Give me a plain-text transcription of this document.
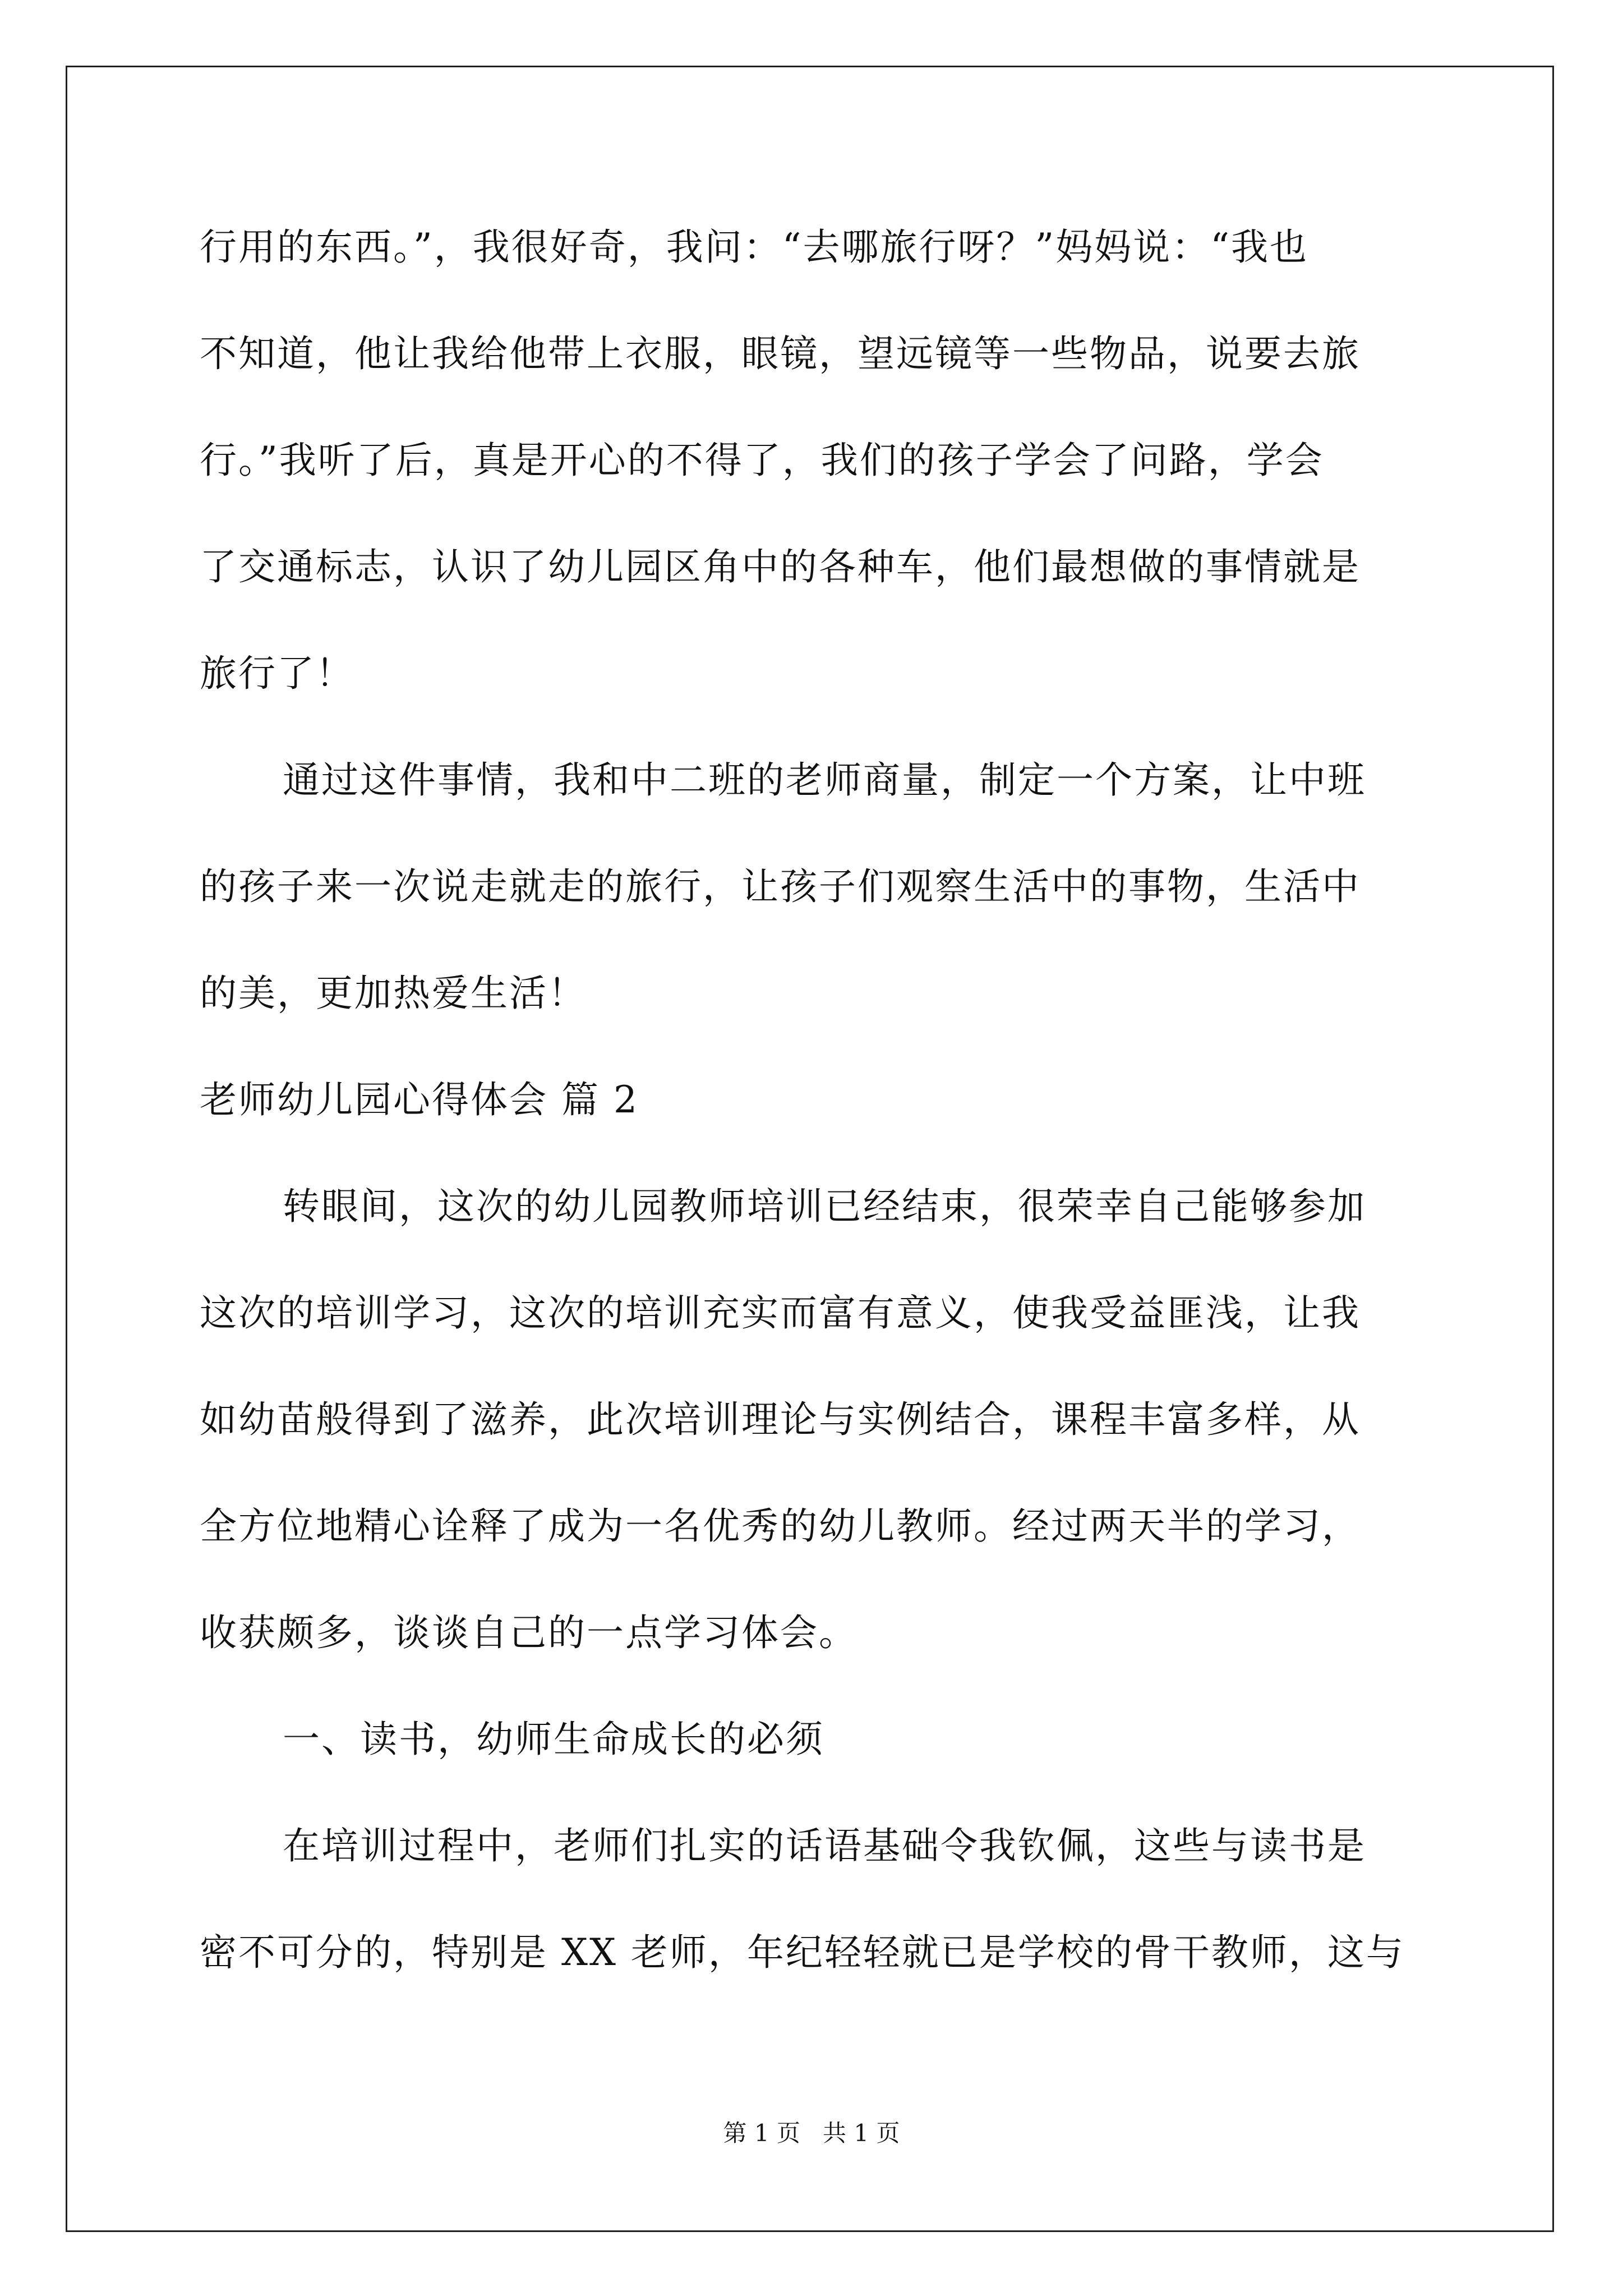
行用的东西。”，我很好奇，我问：“去哪旅行呀？”妈妈说：“我也
不知道，他让我给他带上衣服，眼镜，望远镜等一些物品，说要去旅
行。”我听了后，真是开心的不得了，我们的孩子学会了问路，学会
了交通标志，认识了幼儿园区角中的各种车，他们最想做的事情就是
旅行了！
通过这件事情，我和中二班的老师商量，制定一个方案，让中班
的孩子来一次说走就走的旅行，让孩子们观察生活中的事物，生活中
的美，更加热爱生活！
老师幼儿园心得体会 篇 2
转眼间，这次的幼儿园教师培训已经结束，很荣幸自己能够参加
这次的培训学习，这次的培训充实而富有意义，使我受益匪浅，让我
如幼苗般得到了滋养，此次培训理论与实例结合，课程丰富多样，从
全方位地精心诠释了成为一名优秀的幼儿教师。经过两天半的学习，
收获颇多，谈谈自己的一点学习体会。
一、读书，幼师生命成长的必须
在培训过程中，老师们扎实的话语基础令我钦佩，这些与读书是
密不可分的，特别是 XX 老师，年纪轻轻就已是学校的骨干教师，这与
第 1 页   共 1 页
